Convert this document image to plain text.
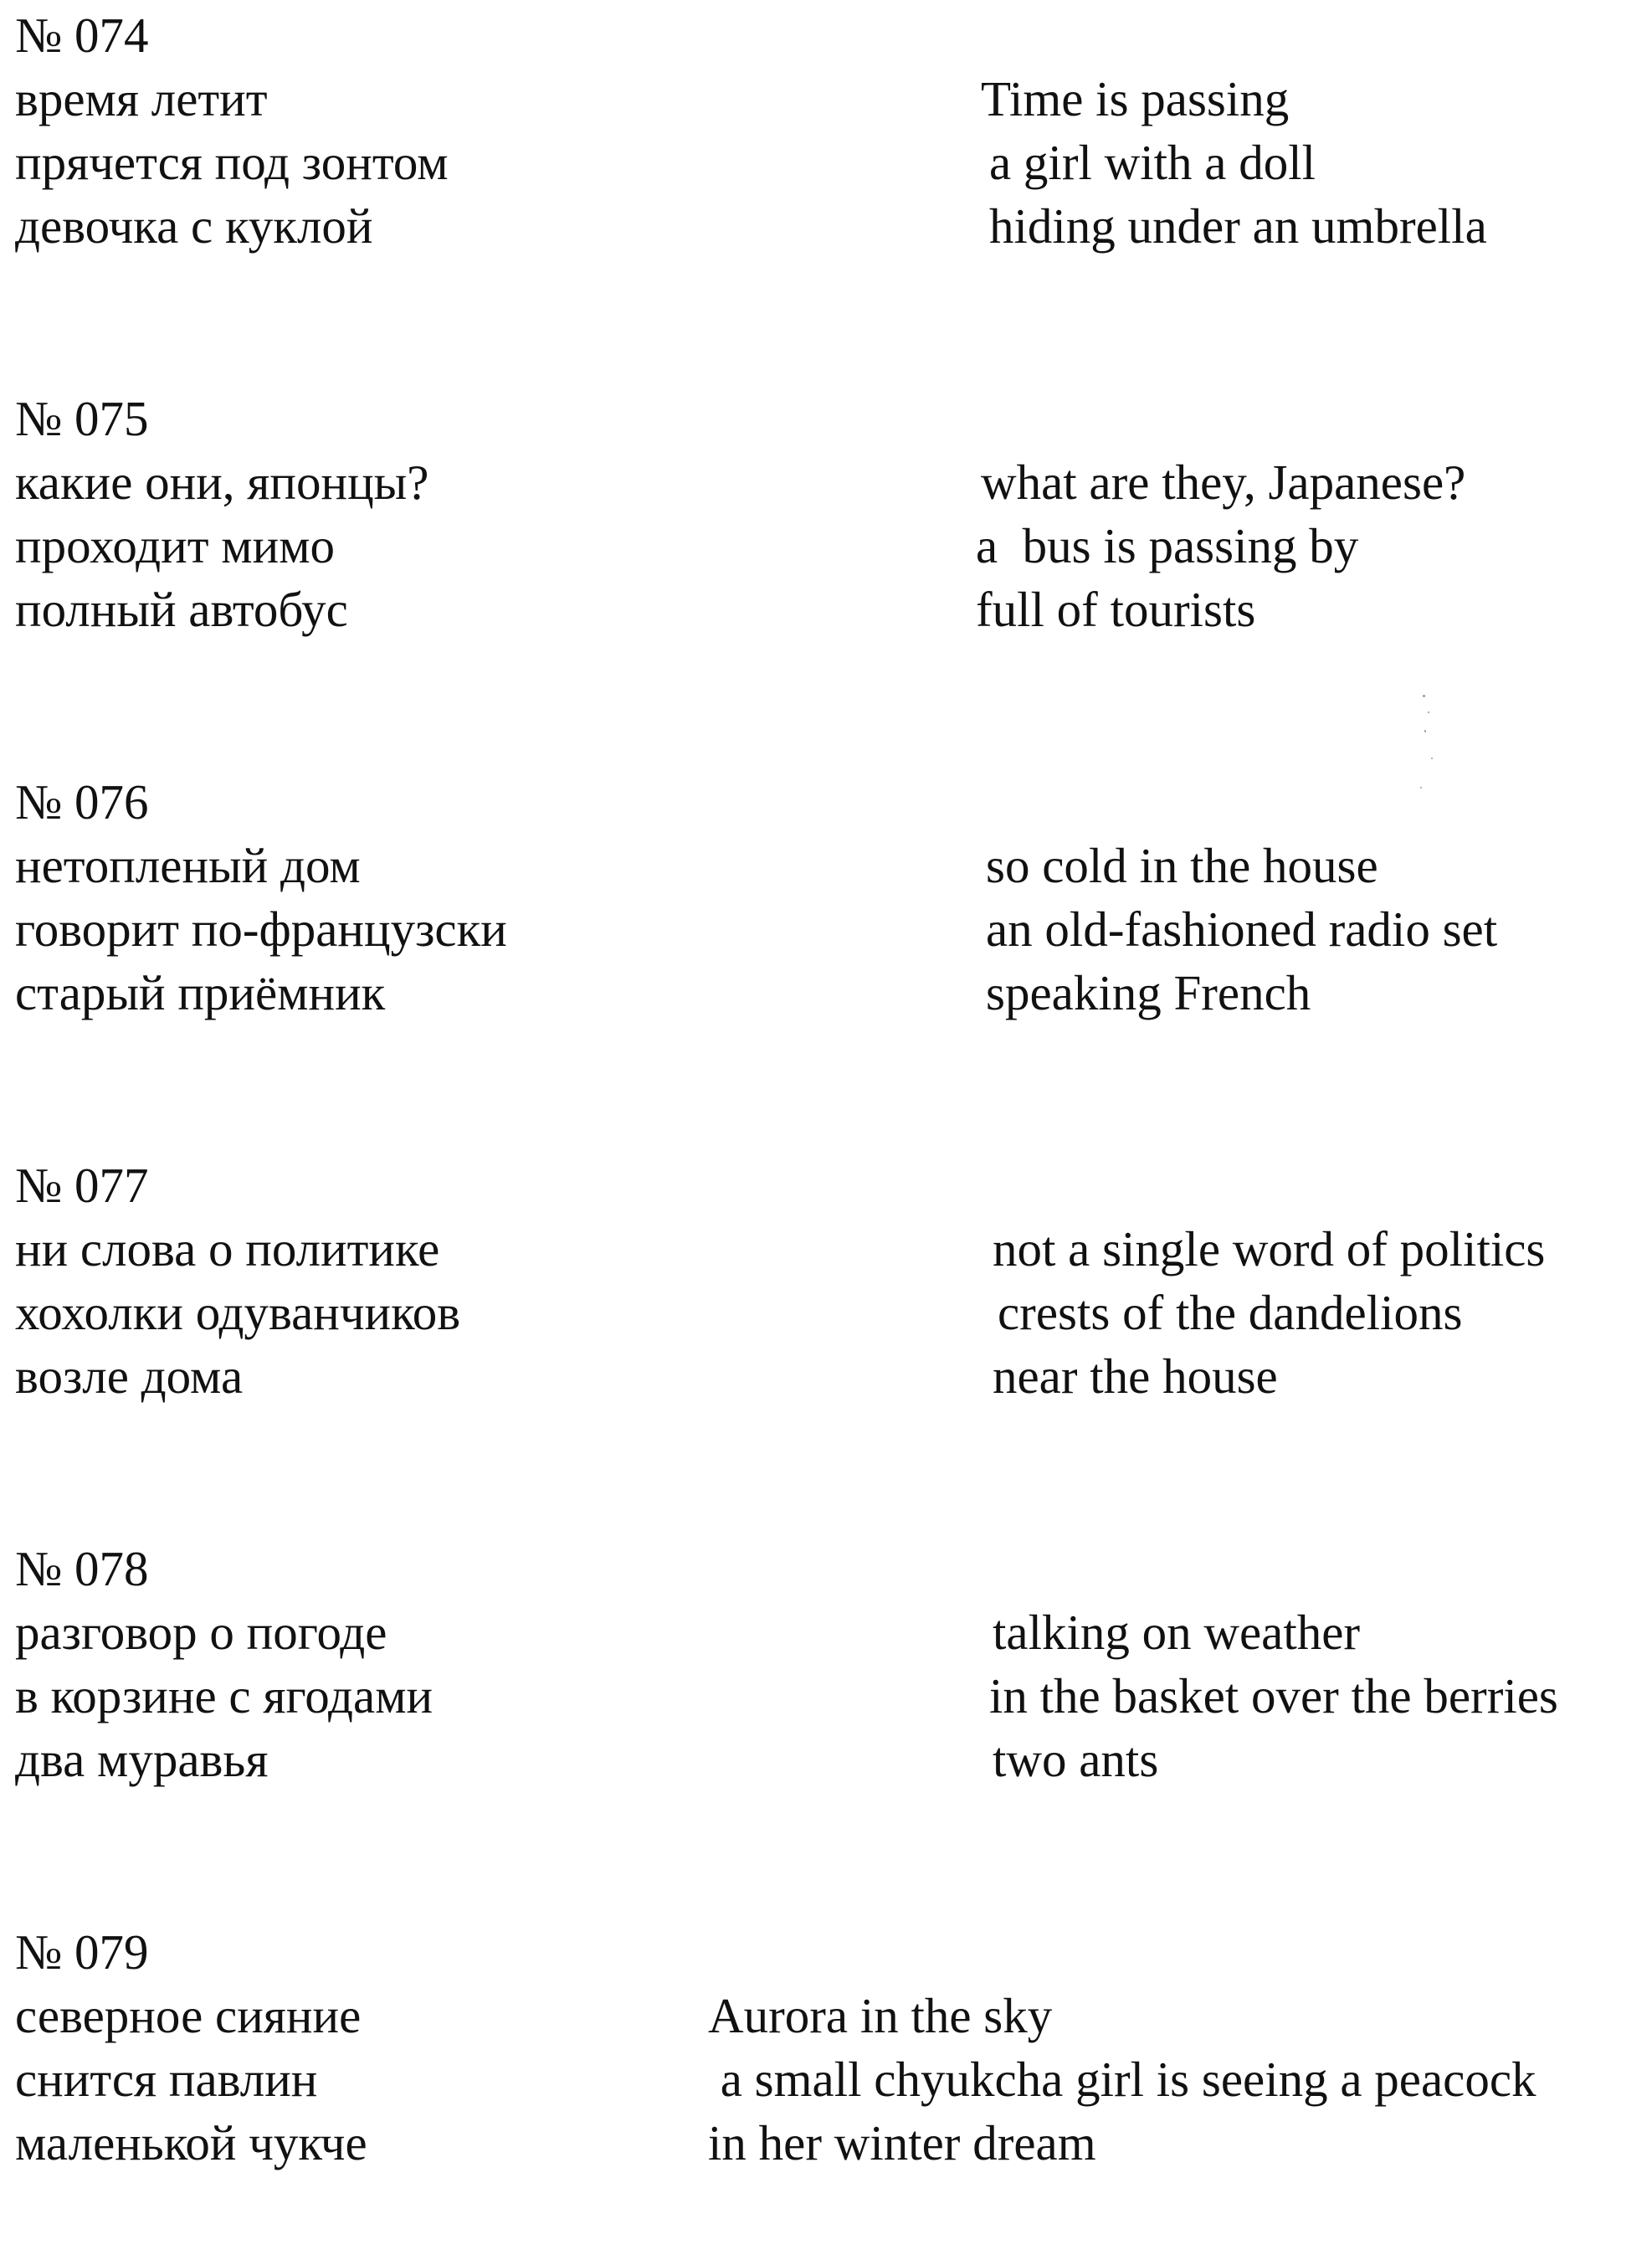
№ 074
время летит
прячется под зонтом
девочка с куклой
Time is passing
a girl with a doll
hiding under an umbrella
№ 075
какие они, японцы?
проходит мимо
полный автобус
what are they, Japanese?
a  bus is passing by
full of tourists
№ 076
нетопленый дом
говорит по-французски
старый приёмник
so cold in the house
an old-fashioned radio set
speaking French
№ 077
ни слова о политике
хохолки одуванчиков
возле дома
not a single word of politics
crests of the dandelions
near the house
№ 078
разговор о погоде
в корзине с ягодами
два муравья
talking on weather
in the basket over the berries
two ants
№ 079
северное сияние
снится павлин
маленькой чукче
Aurora in the sky
a small chyukcha girl is seeing a peacock
in her winter dream
